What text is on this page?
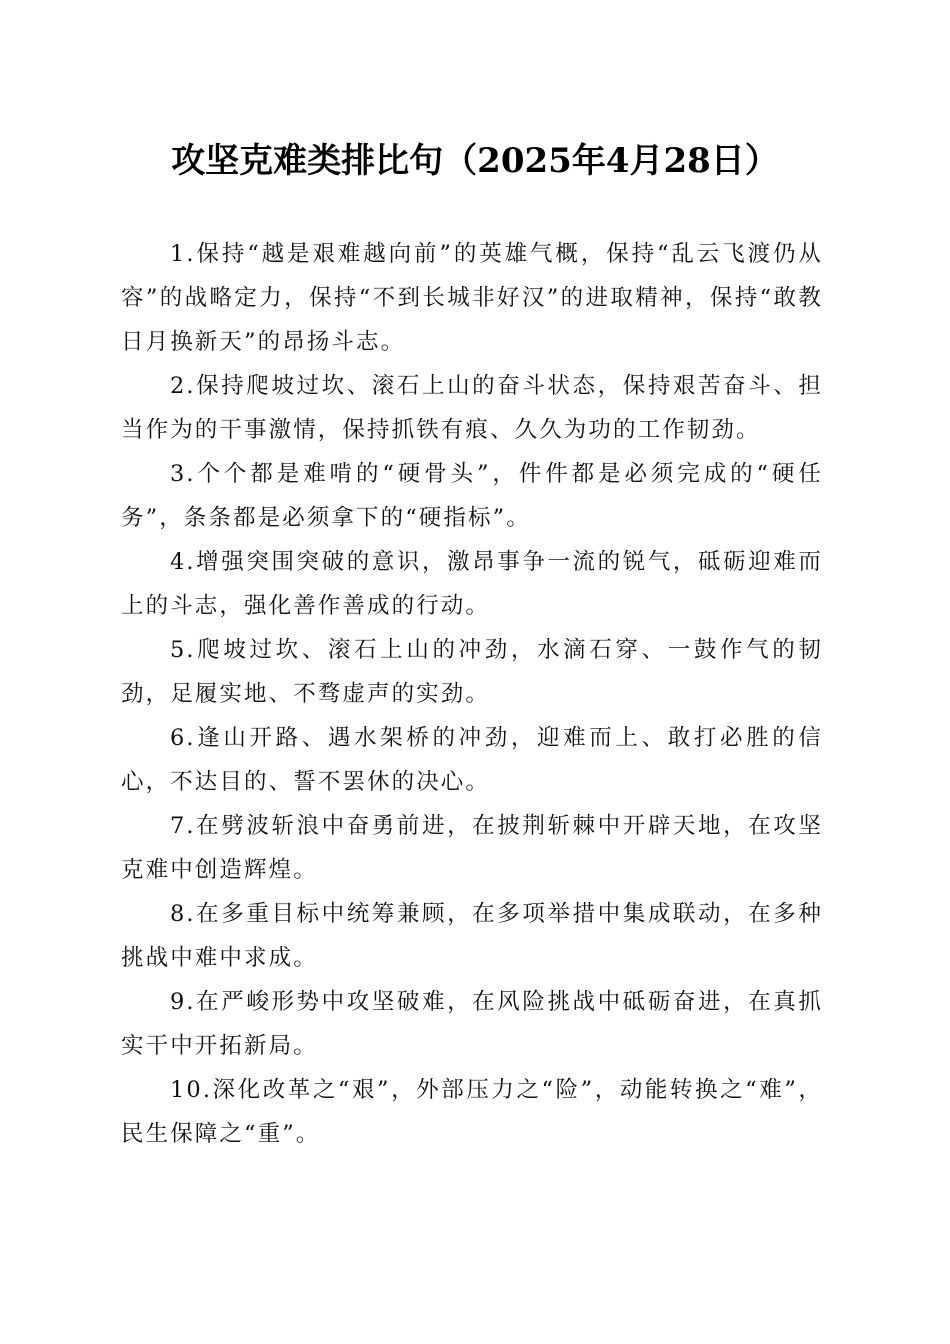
攻坚克难类排比句（2025年4月28日）

1.保持“越是艰难越向前”的英雄气概，保持“乱云飞渡仍从容”的战略定力，保持“不到长城非好汉”的进取精神，保持“敢教日月换新天”的昂扬斗志。

2.保持爬坡过坎、滚石上山的奋斗状态，保持艰苦奋斗、担当作为的干事激情，保持抓铁有痕、久久为功的工作韧劲。

3.个个都是难啃的“硬骨头”，件件都是必须完成的“硬任务”，条条都是必须拿下的“硬指标”。

4.增强突围突破的意识，激昂事争一流的锐气，砥砺迎难而上的斗志，强化善作善成的行动。

5.爬坡过坎、滚石上山的冲劲，水滴石穿、一鼓作气的韧劲，足履实地、不骛虚声的实劲。

6.逢山开路、遇水架桥的冲劲，迎难而上、敢打必胜的信心，不达目的、誓不罢休的决心。

7.在劈波斩浪中奋勇前进，在披荆斩棘中开辟天地，在攻坚克难中创造辉煌。

8.在多重目标中统筹兼顾，在多项举措中集成联动，在多种挑战中难中求成。

9.在严峻形势中攻坚破难，在风险挑战中砥砺奋进，在真抓实干中开拓新局。

10.深化改革之“艰”，外部压力之“险”，动能转换之“难”，民生保障之“重”。
